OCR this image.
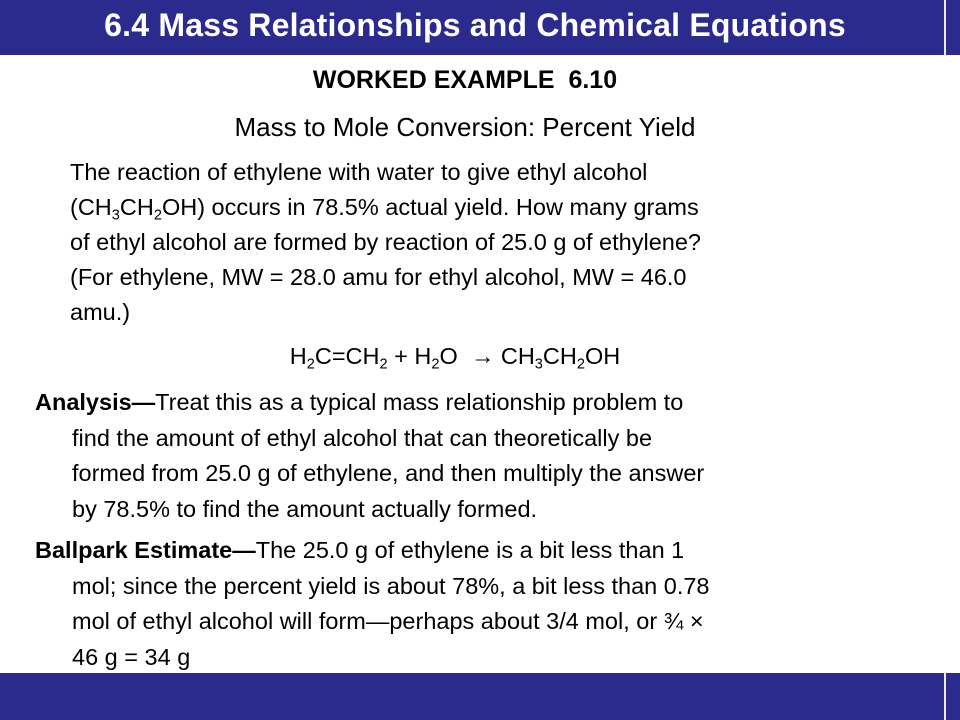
6.4 Mass Relationships and Chemical Equations
WORKED EXAMPLE  6.10
Mass to Mole Conversion: Percent Yield
The reaction of ethylene with water to give ethyl alcohol
$(CH_3CH_2OH)$ occurs in 78.5% actual yield. How many grams
of ethyl alcohol are formed by reaction of 25.0 g of ethylene?
(For ethylene, MW = 28.0 amu for ethyl alcohol, MW = 46.0
amu.)
$H_2C=CH_2 + H_2O \to CH_3CH_2OH$
Analysis—Treat this as a typical mass relationship problem to
find the amount of ethyl alcohol that can theoretically be
formed from 25.0 g of ethylene, and then multiply the answer
by 78.5% to find the amount actually formed.
Ballpark Estimate—The 25.0 g of ethylene is a bit less than 1
mol; since the percent yield is about 78%, a bit less than 0.78
mol of ethyl alcohol will form—perhaps about 3/4 mol, or ¾ ×
46 g = 34 g
